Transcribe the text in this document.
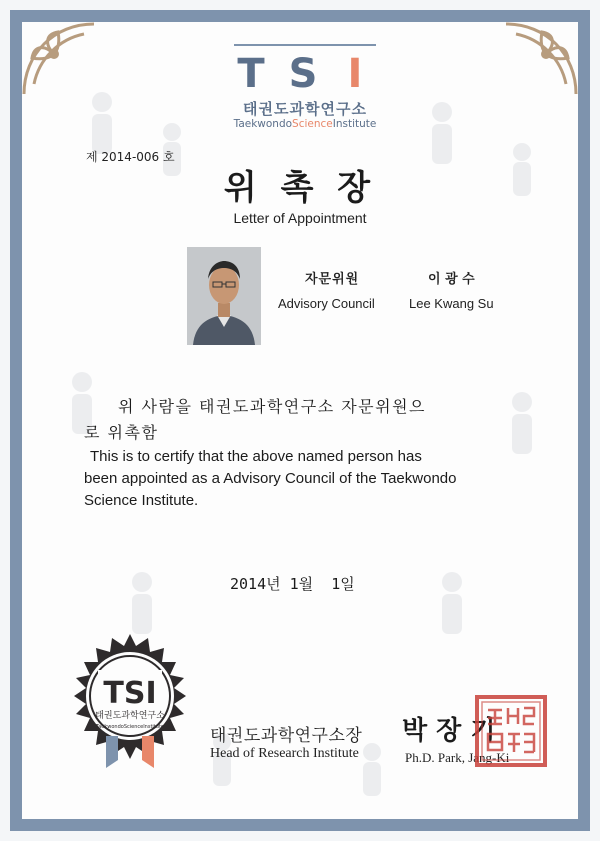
T S I
태권도과학연구소
TaekwondoScienceInstitute
제 2014-006 호
위 촉 장
Letter of Appointment
자문위원	이 광 수
Advisory Council	Lee Kwang Su
위 사람을 태권도과학연구소 자문위원으
로 위촉함
This is to certify that the above named person has
been appointed as a Advisory Council of the Taekwondo
Science Institute.
2014년 1월  1일
TSI
태권도과학연구소
TaekwondoScienceInstitute	태권도과학연구소장
Head of Research Institute
박 장 기
Ph.D. Park, Jang-Ki
